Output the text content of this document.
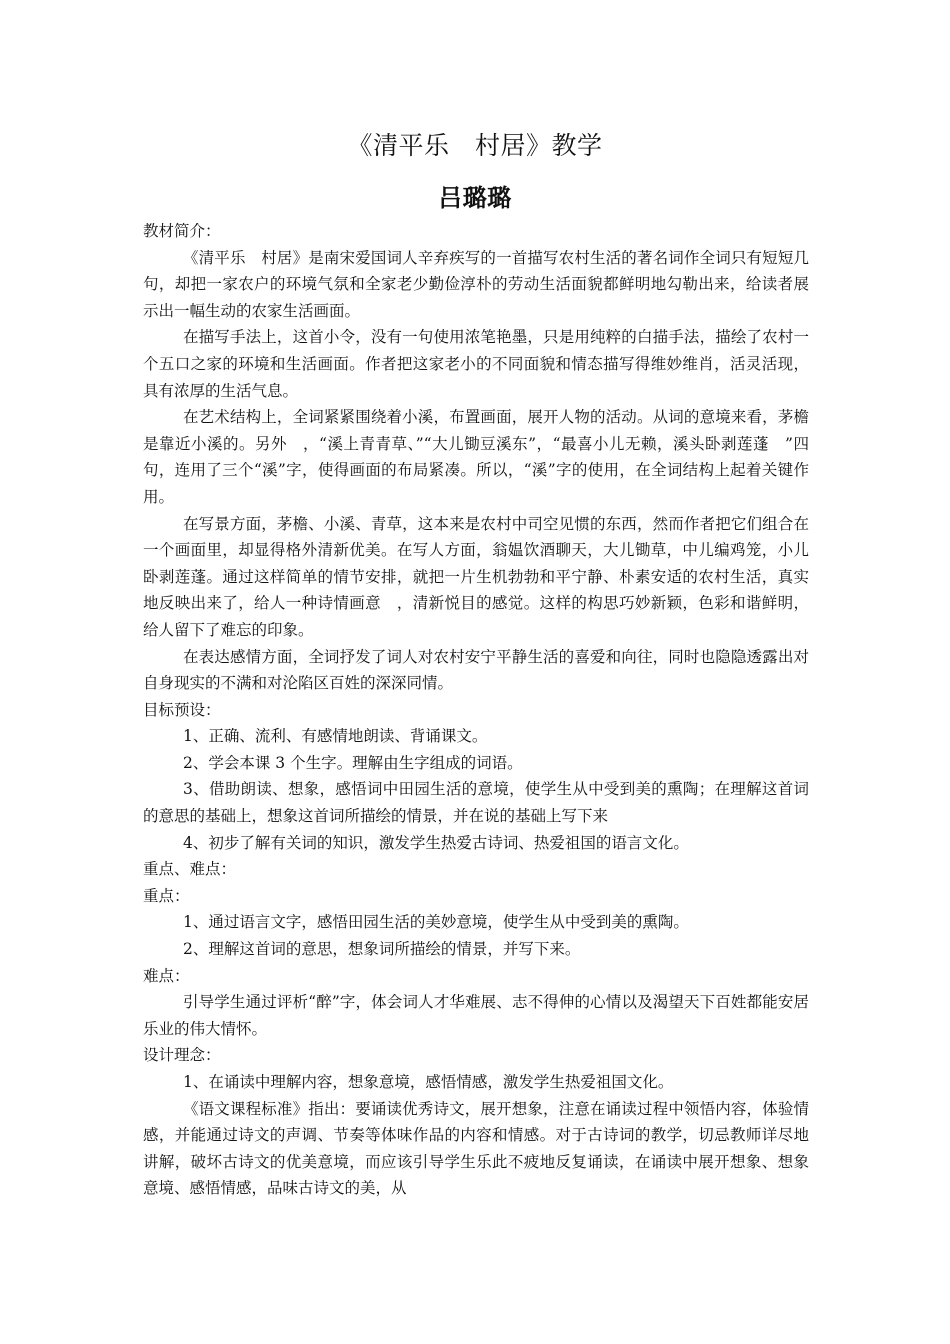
《清平乐　村居》教学
吕璐璐

教材简介：

《清平乐　村居》是南宋爱国词人辛弃疾写的一首描写农村生活的著名词作全词只有短短几句，却把一家农户的环境气氛和全家老少勤俭淳朴的劳动生活面貌都鲜明地勾勒出来，给读者展示出一幅生动的农家生活画面。

在描写手法上，这首小令，没有一句使用浓笔艳墨，只是用纯粹的白描手法，描绘了农村一个五口之家的环境和生活画面。作者把这家老小的不同面貌和情态描写得维妙维肖，活灵活现，具有浓厚的生活气息。

在艺术结构上，全词紧紧围绕着小溪，布置画面，展开人物的活动。从词的意境来看，茅檐是靠近小溪的。另外　，“溪上青青草、”“大儿锄豆溪东”，“最喜小儿无赖，溪头卧剥莲蓬　”四句，连用了三个“溪”字，使得画面的布局紧凑。所以，“溪”字的使用，在全词结构上起着关键作用。

在写景方面，茅檐、小溪、青草，这本来是农村中司空见惯的东西，然而作者把它们组合在一个画面里，却显得格外清新优美。在写人方面，翁媪饮酒聊天，大儿锄草，中儿编鸡笼，小儿卧剥莲蓬。通过这样简单的情节安排，就把一片生机勃勃和平宁静、朴素安适的农村生活，真实地反映出来了，给人一种诗情画意　，清新悦目的感觉。这样的构思巧妙新颖，色彩和谐鲜明，给人留下了难忘的印象。

在表达感情方面，全词抒发了词人对农村安宁平静生活的喜爱和向往，同时也隐隐透露出对自身现实的不满和对沦陷区百姓的深深同情。

目标预设：

1、正确、流利、有感情地朗读、背诵课文。

2、学会本课 3 个生字。理解由生字组成的词语。

3、借助朗读、想象，感悟词中田园生活的意境，使学生从中受到美的熏陶；在理解这首词的意思的基础上，想象这首词所描绘的情景，并在说的基础上写下来

4、初步了解有关词的知识，激发学生热爱古诗词、热爱祖国的语言文化。

重点、难点：

重点：

1、通过语言文字，感悟田园生活的美妙意境，使学生从中受到美的熏陶。

2、理解这首词的意思，想象词所描绘的情景，并写下来。

难点：

引导学生通过评析“醉”字，体会词人才华难展、志不得伸的心情以及渴望天下百姓都能安居乐业的伟大情怀。

设计理念：

1、在诵读中理解内容，想象意境，感悟情感，激发学生热爱祖国文化。

《语文课程标准》指出：要诵读优秀诗文，展开想象，注意在诵读过程中领悟内容，体验情感，并能通过诗文的声调、节奏等体味作品的内容和情感。对于古诗词的教学，切忌教师详尽地讲解，破坏古诗文的优美意境，而应该引导学生乐此不疲地反复诵读，在诵读中展开想象、想象意境、感悟情感，品味古诗文的美，从
